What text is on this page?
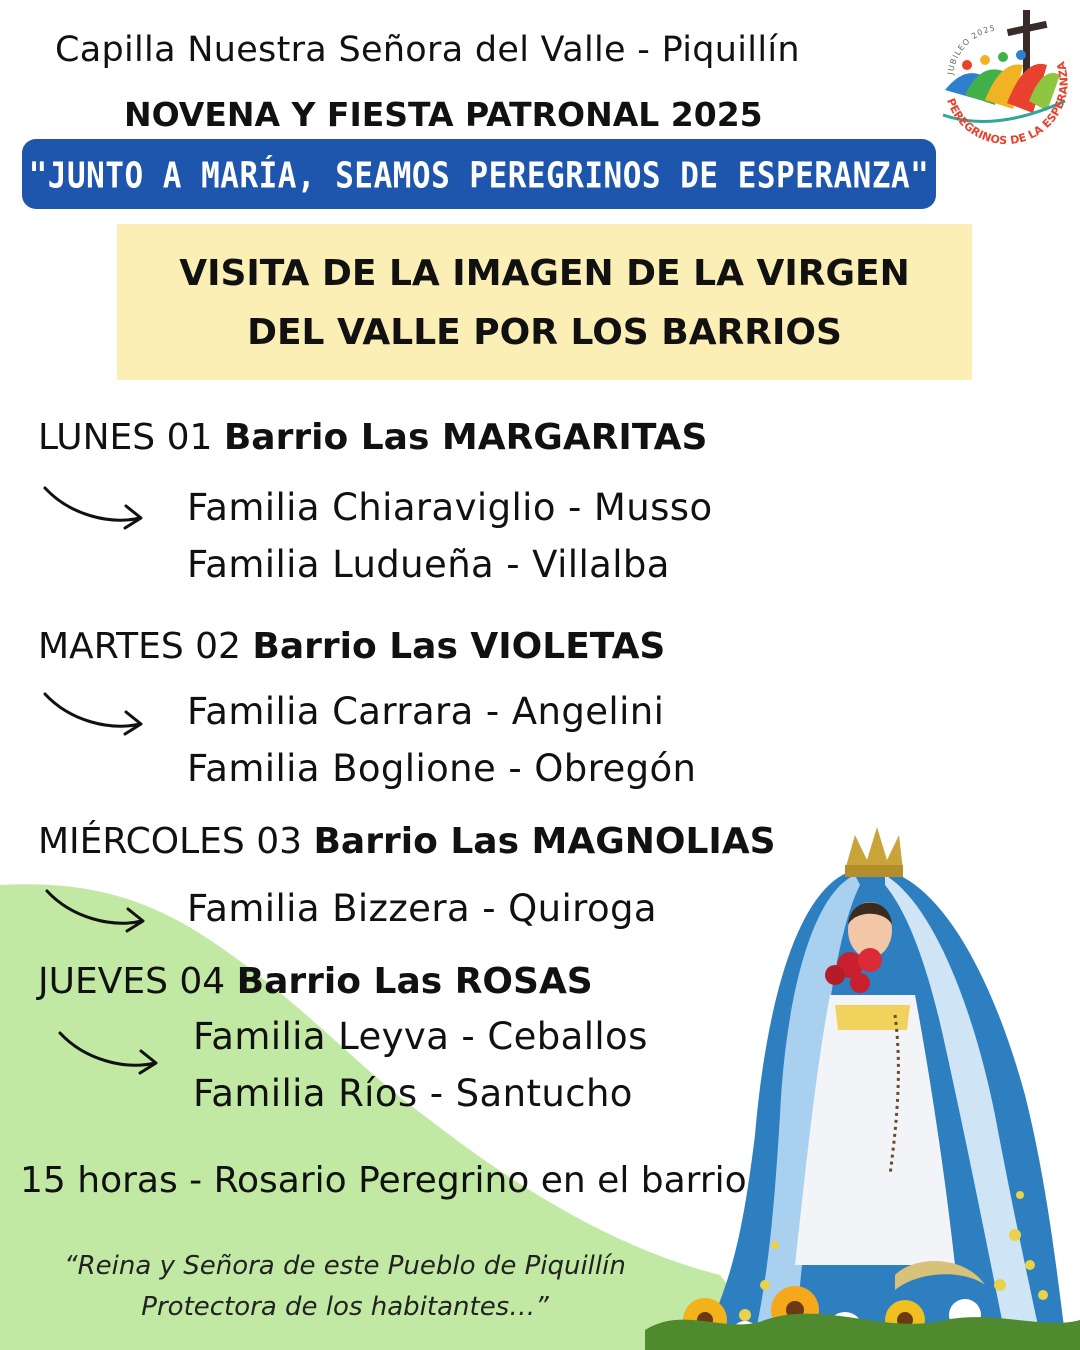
Capilla Nuestra Señora del Valle - Piquillín
NOVENA Y FIESTA PATRONAL 2025
"JUNTO A MARÍA, SEAMOS PEREGRINOS DE ESPERANZA"
JUBILEO 2025
PEREGRINOS DE LA ESPERANZA
VISITA DE LA IMAGEN DE LA VIRGEN
DEL VALLE POR LOS BARRIOS
LUNES 01 Barrio Las MARGARITAS
Familia Chiaraviglio - Musso
Familia Ludueña - Villalba
MARTES 02 Barrio Las VIOLETAS
Familia Carrara - Angelini
Familia Boglione - Obregón
MIÉRCOLES 03 Barrio Las MAGNOLIAS
Familia Bizzera - Quiroga
JUEVES 04 Barrio Las ROSAS
Familia Leyva - Ceballos
Familia Ríos - Santucho
15 horas - Rosario Peregrino en el barrio
“Reina y Señora de este Pueblo de Piquillín
Protectora de los habitantes…”
